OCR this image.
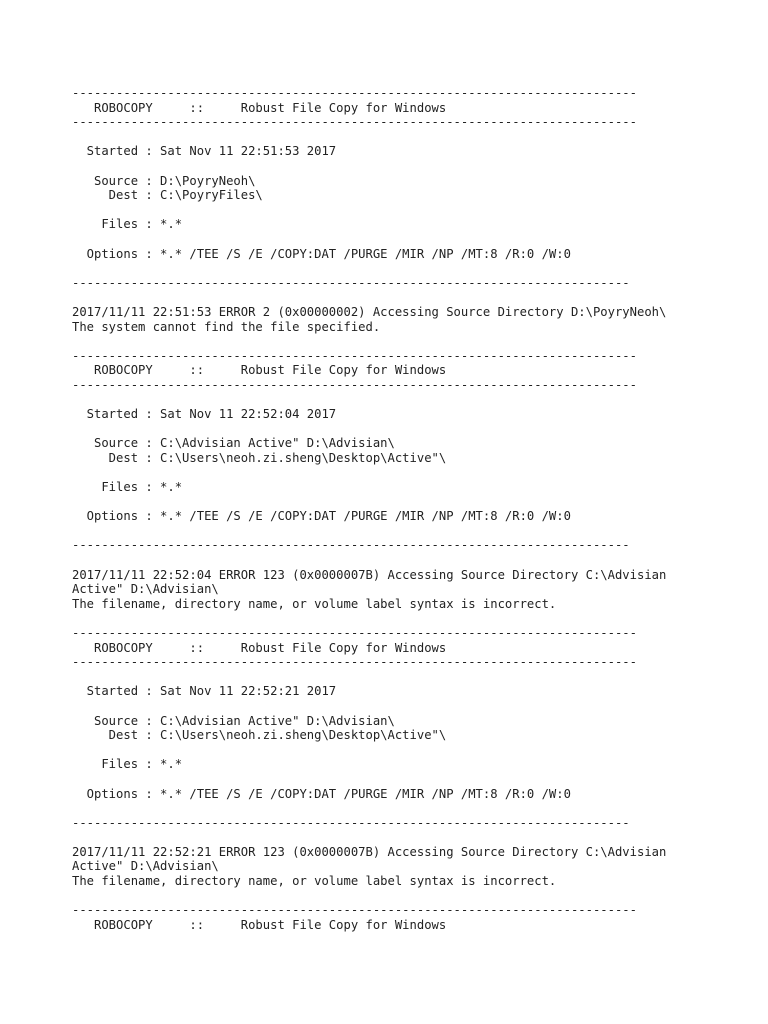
-----------------------------------------------------------------------------
ROBOCOPY     ::     Robust File Copy for Windows
-----------------------------------------------------------------------------
Started : Sat Nov 11 22:51:53 2017
Source : D:\PoyryNeoh\
Dest : C:\PoyryFiles\
Files : *.*
Options : *.* /TEE /S /E /COPY:DAT /PURGE /MIR /NP /MT:8 /R:0 /W:0
----------------------------------------------------------------------------
2017/11/11 22:51:53 ERROR 2 (0x00000002) Accessing Source Directory D:\PoyryNeoh\
The system cannot find the file specified.
-----------------------------------------------------------------------------
ROBOCOPY     ::     Robust File Copy for Windows
-----------------------------------------------------------------------------
Started : Sat Nov 11 22:52:04 2017
Source : C:\Advisian Active" D:\Advisian\
Dest : C:\Users\neoh.zi.sheng\Desktop\Active"\
Files : *.*
Options : *.* /TEE /S /E /COPY:DAT /PURGE /MIR /NP /MT:8 /R:0 /W:0
----------------------------------------------------------------------------
2017/11/11 22:52:04 ERROR 123 (0x0000007B) Accessing Source Directory C:\Advisian
Active" D:\Advisian\
The filename, directory name, or volume label syntax is incorrect.
-----------------------------------------------------------------------------
ROBOCOPY     ::     Robust File Copy for Windows
-----------------------------------------------------------------------------
Started : Sat Nov 11 22:52:21 2017
Source : C:\Advisian Active" D:\Advisian\
Dest : C:\Users\neoh.zi.sheng\Desktop\Active"\
Files : *.*
Options : *.* /TEE /S /E /COPY:DAT /PURGE /MIR /NP /MT:8 /R:0 /W:0
----------------------------------------------------------------------------
2017/11/11 22:52:21 ERROR 123 (0x0000007B) Accessing Source Directory C:\Advisian
Active" D:\Advisian\
The filename, directory name, or volume label syntax is incorrect.
-----------------------------------------------------------------------------
ROBOCOPY     ::     Robust File Copy for Windows
